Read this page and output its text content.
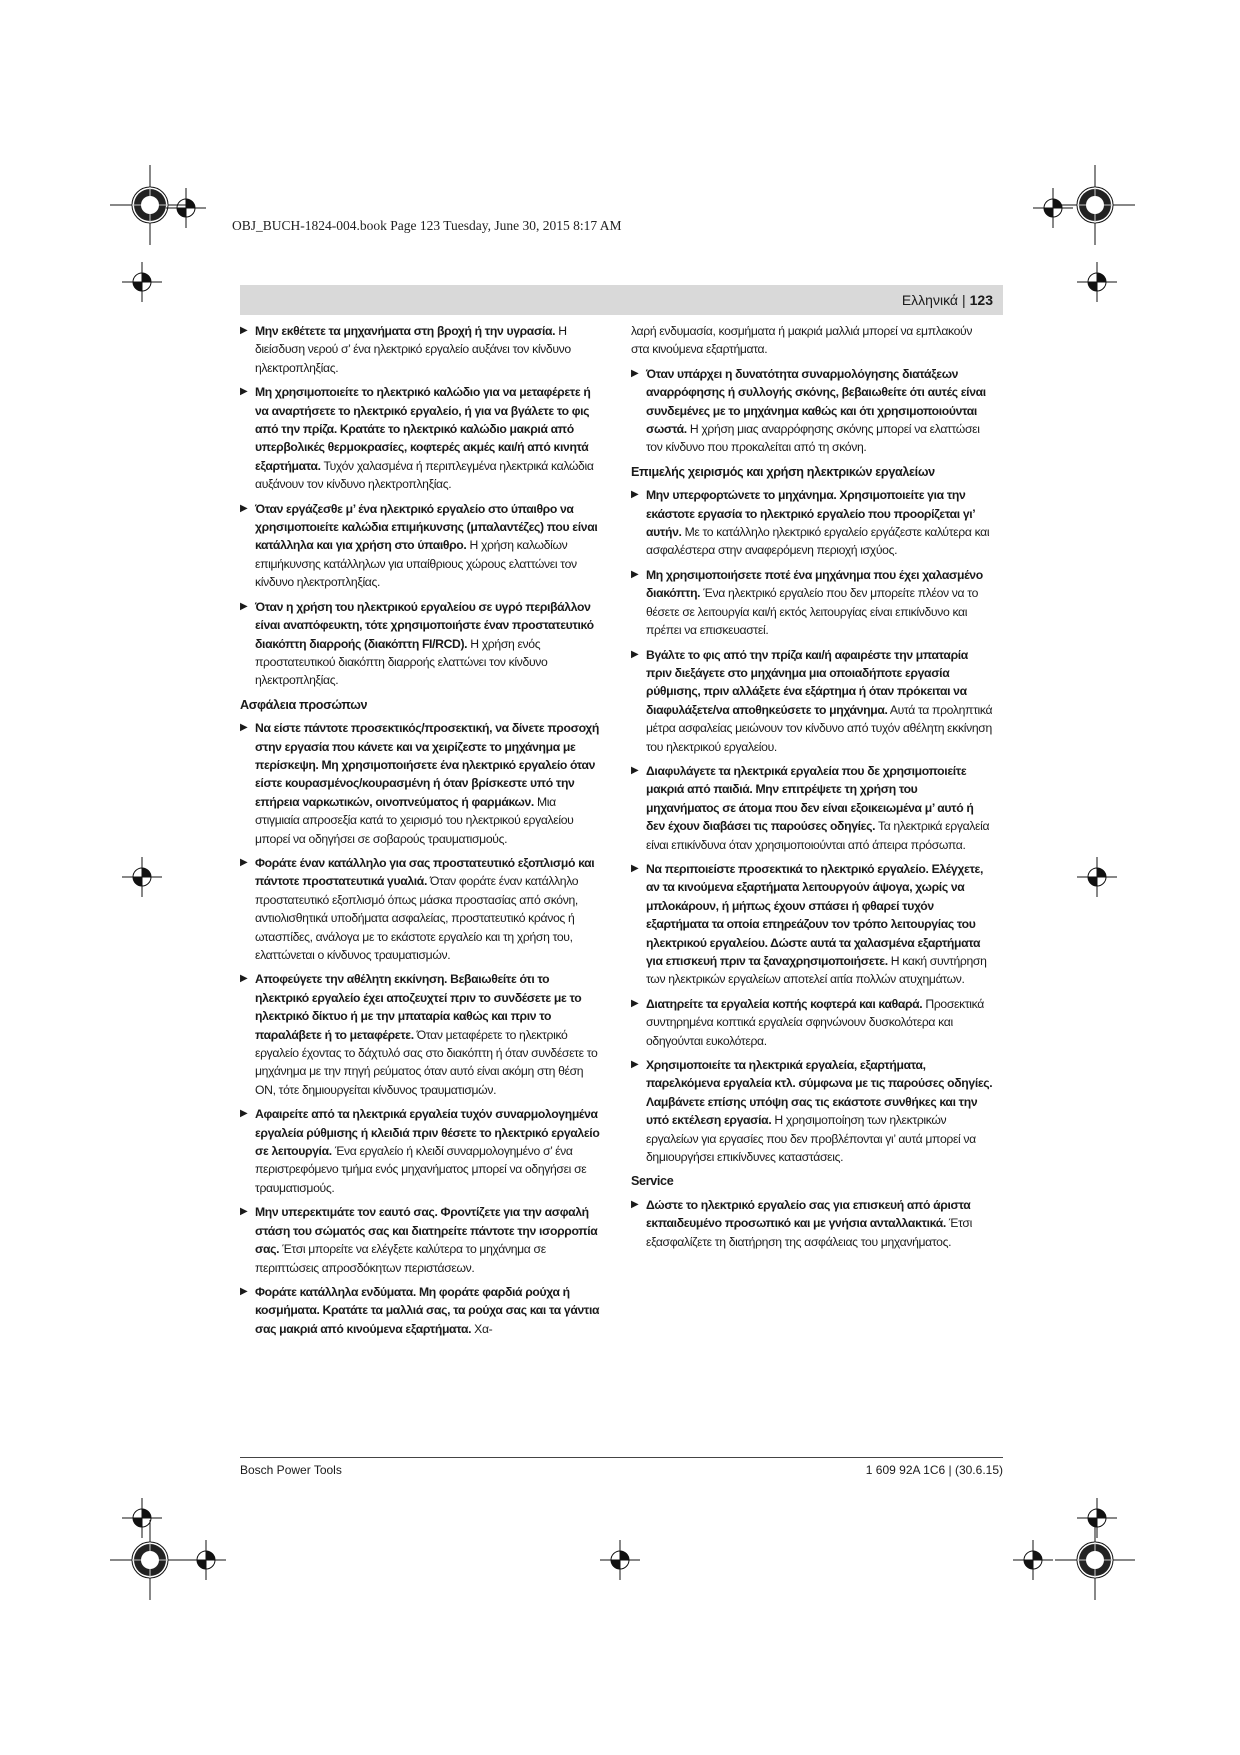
OBJ_BUCH-1824-004.book Page 123 Tuesday, June 30, 2015 8:17 AM
Ελληνικά | 123
▶ Μην εκθέτετε τα μηχανήματα στη βροχή ή την υγρασία. Η διείσδυση νερού σ’ ένα ηλεκτρικό εργαλείο αυξάνει τον κίνδυνο ηλεκτροπληξίας.
▶ Μη χρησιμοποιείτε το ηλεκτρικό καλώδιο για να μεταφέρετε ή να αναρτήσετε το ηλεκτρικό εργαλείο, ή για να βγάλετε το φις από την πρίζα. Κρατάτε το ηλεκτρικό καλώδιο μακριά από υπερβολικές θερμοκρασίες, κοφτερές ακμές και/ή από κινητά εξαρτήματα. Τυχόν χαλασμένα ή περιπλεγμένα ηλεκτρικά καλώδια αυξάνουν τον κίνδυνο ηλεκτροπληξίας.
▶ Όταν εργάζεσθε μ’ ένα ηλεκτρικό εργαλείο στο ύπαιθρο να χρησιμοποιείτε καλώδια επιμήκυνσης (μπαλαντέζες) που είναι κατάλληλα και για χρήση στο ύπαιθρο. Η χρήση καλωδίων επιμήκυνσης κατάλληλων για υπαίθριους χώρους ελαττώνει τον κίνδυνο ηλεκτροπληξίας.
▶ Όταν η χρήση του ηλεκτρικού εργαλείου σε υγρό περιβάλλον είναι αναπόφευκτη, τότε χρησιμοποιήστε έναν προστατευτικό διακόπτη διαρροής (διακόπτη FI/RCD). Η χρήση ενός προστατευτικού διακόπτη διαρροής ελαττώνει τον κίνδυνο ηλεκτροπληξίας.
Ασφάλεια προσώπων
▶ Να είστε πάντοτε προσεκτικός/προσεκτική, να δίνετε προσοχή στην εργασία που κάνετε και να χειρίζεστε το μηχάνημα με περίσκεψη. Μη χρησιμοποιήσετε ένα ηλεκτρικό εργαλείο όταν είστε κουρασμένος/κουρασμένη ή όταν βρίσκεστε υπό την επήρεια ναρκωτικών, οινοπνεύματος ή φαρμάκων. Μια στιγμιαία απροσεξία κατά το χειρισμό του ηλεκτρικού εργαλείου μπορεί να οδηγήσει σε σοβαρούς τραυματισμούς.
▶ Φοράτε έναν κατάλληλο για σας προστατευτικό εξοπλισμό και πάντοτε προστατευτικά γυαλιά. Όταν φοράτε έναν κατάλληλο προστατευτικό εξοπλισμό όπως μάσκα προστασίας από σκόνη, αντιολισθητικά υποδήματα ασφαλείας, προστατευτικό κράνος ή ωτασπίδες, ανάλογα με το εκάστοτε εργαλείο και τη χρήση του, ελαττώνεται ο κίνδυνος τραυματισμών.
▶ Αποφεύγετε την αθέλητη εκκίνηση. Βεβαιωθείτε ότι το ηλεκτρικό εργαλείο έχει αποζευχτεί πριν το συνδέσετε με το ηλεκτρικό δίκτυο ή με την μπαταρία καθώς και πριν το παραλάβετε ή το μεταφέρετε. Όταν μεταφέρετε το ηλεκτρικό εργαλείο έχοντας το δάχτυλό σας στο διακόπτη ή όταν συνδέσετε το μηχάνημα με την πηγή ρεύματος όταν αυτό είναι ακόμη στη θέση ON, τότε δημιουργείται κίνδυνος τραυματισμών.
▶ Αφαιρείτε από τα ηλεκτρικά εργαλεία τυχόν συναρμολογημένα εργαλεία ρύθμισης ή κλειδιά πριν θέσετε το ηλεκτρικό εργαλείο σε λειτουργία. Ένα εργαλείο ή κλειδί συναρμολογημένο σ’ ένα περιστρεφόμενο τμήμα ενός μηχανήματος μπορεί να οδηγήσει σε τραυματισμούς.
▶ Μην υπερεκτιμάτε τον εαυτό σας. Φροντίζετε για την ασφαλή στάση του σώματός σας και διατηρείτε πάντοτε την ισορροπία σας. Έτσι μπορείτε να ελέγξετε καλύτερα το μηχάνημα σε περιπτώσεις απροσδόκητων περιστάσεων.
▶ Φοράτε κατάλληλα ενδύματα. Μη φοράτε φαρδιά ρούχα ή κοσμήματα. Κρατάτε τα μαλλιά σας, τα ρούχα σας και τα γάντια σας μακριά από κινούμενα εξαρτήματα. Χα-
λαρή ενδυμασία, κοσμήματα ή μακριά μαλλιά μπορεί να εμπλακούν στα κινούμενα εξαρτήματα.
▶ Όταν υπάρχει η δυνατότητα συναρμολόγησης διατάξεων αναρρόφησης ή συλλογής σκόνης, βεβαιωθείτε ότι αυτές είναι συνδεμένες με το μηχάνημα καθώς και ότι χρησιμοποιούνται σωστά. Η χρήση μιας αναρρόφησης σκόνης μπορεί να ελαττώσει τον κίνδυνο που προκαλείται από τη σκόνη.
Επιμελής χειρισμός και χρήση ηλεκτρικών εργαλείων
▶ Μην υπερφορτώνετε το μηχάνημα. Χρησιμοποιείτε για την εκάστοτε εργασία το ηλεκτρικό εργαλείο που προορίζεται γι’ αυτήν. Με το κατάλληλο ηλεκτρικό εργαλείο εργάζεστε καλύτερα και ασφαλέστερα στην αναφερόμενη περιοχή ισχύος.
▶ Μη χρησιμοποιήσετε ποτέ ένα μηχάνημα που έχει χαλασμένο διακόπτη. Ένα ηλεκτρικό εργαλείο που δεν μπορείτε πλέον να το θέσετε σε λειτουργία και/ή εκτός λειτουργίας είναι επικίνδυνο και πρέπει να επισκευαστεί.
▶ Βγάλτε το φις από την πρίζα και/ή αφαιρέστε την μπαταρία πριν διεξάγετε στο μηχάνημα μια οποιαδήποτε εργασία ρύθμισης, πριν αλλάξετε ένα εξάρτημα ή όταν πρόκειται να διαφυλάξετε/να αποθηκεύσετε το μηχάνημα. Αυτά τα προληπτικά μέτρα ασφαλείας μειώνουν τον κίνδυνο από τυχόν αθέλητη εκκίνηση του ηλεκτρικού εργαλείου.
▶ Διαφυλάγετε τα ηλεκτρικά εργαλεία που δε χρησιμοποιείτε μακριά από παιδιά. Μην επιτρέψετε τη χρήση του μηχανήματος σε άτομα που δεν είναι εξοικειωμένα μ’ αυτό ή δεν έχουν διαβάσει τις παρούσες οδηγίες. Τα ηλεκτρικά εργαλεία είναι επικίνδυνα όταν χρησιμοποιούνται από άπειρα πρόσωπα.
▶ Να περιποιείστε προσεκτικά το ηλεκτρικό εργαλείο. Ελέγχετε, αν τα κινούμενα εξαρτήματα λειτουργούν άψογα, χωρίς να μπλοκάρουν, ή μήπως έχουν σπάσει ή φθαρεί τυχόν εξαρτήματα τα οποία επηρεάζουν τον τρόπο λειτουργίας του ηλεκτρικού εργαλείου. Δώστε αυτά τα χαλασμένα εξαρτήματα για επισκευή πριν τα ξαναχρησιμοποιήσετε. Η κακή συντήρηση των ηλεκτρικών εργαλείων αποτελεί αιτία πολλών ατυχημάτων.
▶ Διατηρείτε τα εργαλεία κοπής κοφτερά και καθαρά. Προσεκτικά συντηρημένα κοπτικά εργαλεία σφηνώνουν δυσκολότερα και οδηγούνται ευκολότερα.
▶ Χρησιμοποιείτε τα ηλεκτρικά εργαλεία, εξαρτήματα, παρελκόμενα εργαλεία κτλ. σύμφωνα με τις παρούσες οδηγίες. Λαμβάνετε επίσης υπόψη σας τις εκάστοτε συνθήκες και την υπό εκτέλεση εργασία. Η χρησιμοποίηση των ηλεκτρικών εργαλείων για εργασίες που δεν προβλέπονται γι’ αυτά μπορεί να δημιουργήσει επικίνδυνες καταστάσεις.
Service
▶ Δώστε το ηλεκτρικό εργαλείο σας για επισκευή από άριστα εκπαιδευμένο προσωπικό και με γνήσια ανταλλακτικά. Έτσι εξασφαλίζετε τη διατήρηση της ασφάλειας του μηχανήματος.
Bosch Power Tools	1 609 92A 1C6 | (30.6.15)
